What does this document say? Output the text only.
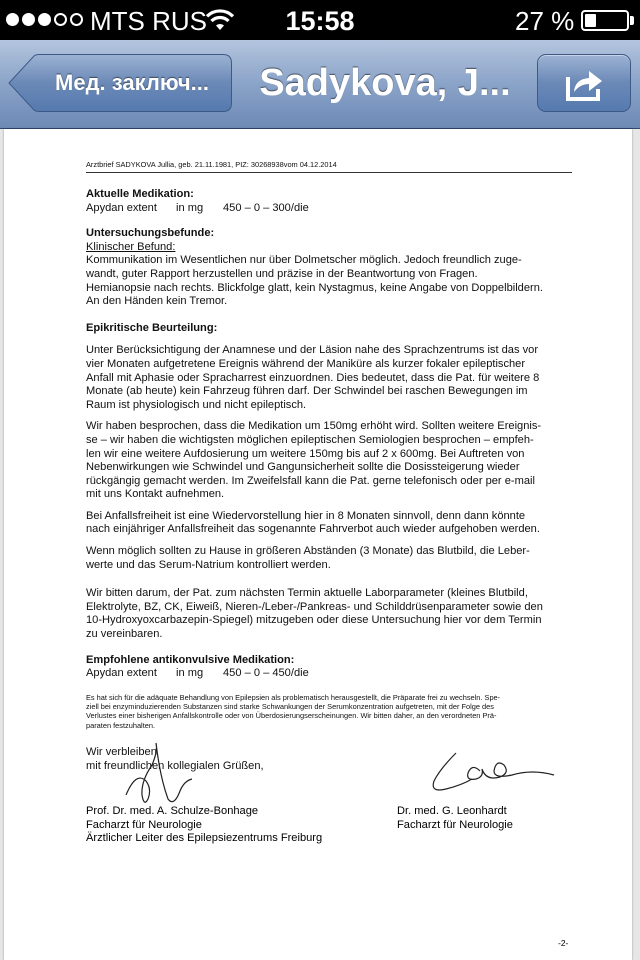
MTS RUS	15:58	27 %
Мед. заключ...	Sadykova, J...
Arztbrief SADYKOVA Jullia, geb. 21.11.1981, PIZ: 30268938vom 04.12.2014
Aktuelle Medikation:
Apydan extent	in mg	450 – 0 – 300/die
Untersuchungsbefunde:
Klinischer Befund:
Kommunikation im Wesentlichen nur über Dolmetscher möglich. Jedoch freundlich zuge-
wandt, guter Rapport herzustellen und präzise in der Beantwortung von Fragen.
Hemianopsie nach rechts. Blickfolge glatt, kein Nystagmus, keine Angabe von Doppelbildern.
An den Händen kein Tremor.
Epikritische Beurteilung:
Unter Berücksichtigung der Anamnese und der Läsion nahe des Sprachzentrums ist das vor
vier Monaten aufgetretene Ereignis während der Maniküre als kurzer fokaler epileptischer
Anfall mit Aphasie oder Spracharrest einzuordnen. Dies bedeutet, dass die Pat. für weitere 8
Monate (ab heute) kein Fahrzeug führen darf. Der Schwindel bei raschen Bewegungen im
Raum ist physiologisch und nicht epileptisch.
Wir haben besprochen, dass die Medikation um 150mg erhöht wird. Sollten weitere Ereignis-
se – wir haben die wichtigsten möglichen epileptischen Semiologien besprochen – empfeh-
len wir eine weitere Aufdosierung um weitere 150mg bis auf 2 x 600mg. Bei Auftreten von
Nebenwirkungen wie Schwindel und Gangunsicherheit sollte die Dosissteigerung wieder
rückgängig gemacht werden. Im Zweifelsfall kann die Pat. gerne telefonisch oder per e-mail
mit uns Kontakt aufnehmen.
Bei Anfallsfreiheit ist eine Wiedervorstellung hier in 8 Monaten sinnvoll, denn dann könnte
nach einjähriger Anfallsfreiheit das sogenannte Fahrverbot auch wieder aufgehoben werden.
Wenn möglich sollten zu Hause in größeren Abständen (3 Monate) das Blutbild, die Leber-
werte und das Serum-Natrium kontrolliert werden.
Wir bitten darum, der Pat. zum nächsten Termin aktuelle Laborparameter (kleines Blutbild,
Elektrolyte, BZ, CK, Eiweiß, Nieren-/Leber-/Pankreas- und Schilddrüsenparameter sowie den
10-Hydroxyoxcarbazepin-Spiegel) mitzugeben oder diese Untersuchung hier vor dem Termin
zu vereinbaren.
Empfohlene antikonvulsive Medikation:
Apydan extent	in mg	450 – 0 – 450/die
Es hat sich für die adäquate Behandlung von Epilepsien als problematisch herausgestellt, die Präparate frei zu wechseln. Spe-
ziell bei enzyminduzierenden Substanzen sind starke Schwankungen der Serumkonzentration aufgetreten, mit der Folge des
Verlustes einer bisherigen Anfallskontrolle oder von Überdosierungserscheinungen. Wir bitten daher, an den verordneten Prä-
paraten festzuhalten.
Wir verbleiben
mit freundlichen kollegialen Grüßen,
Prof. Dr. med. A. Schulze-Bonhage
Facharzt für Neurologie
Ärztlicher Leiter des Epilepsiezentrums Freiburg
Dr. med. G. Leonhardt
Facharzt für Neurologie
-2-
